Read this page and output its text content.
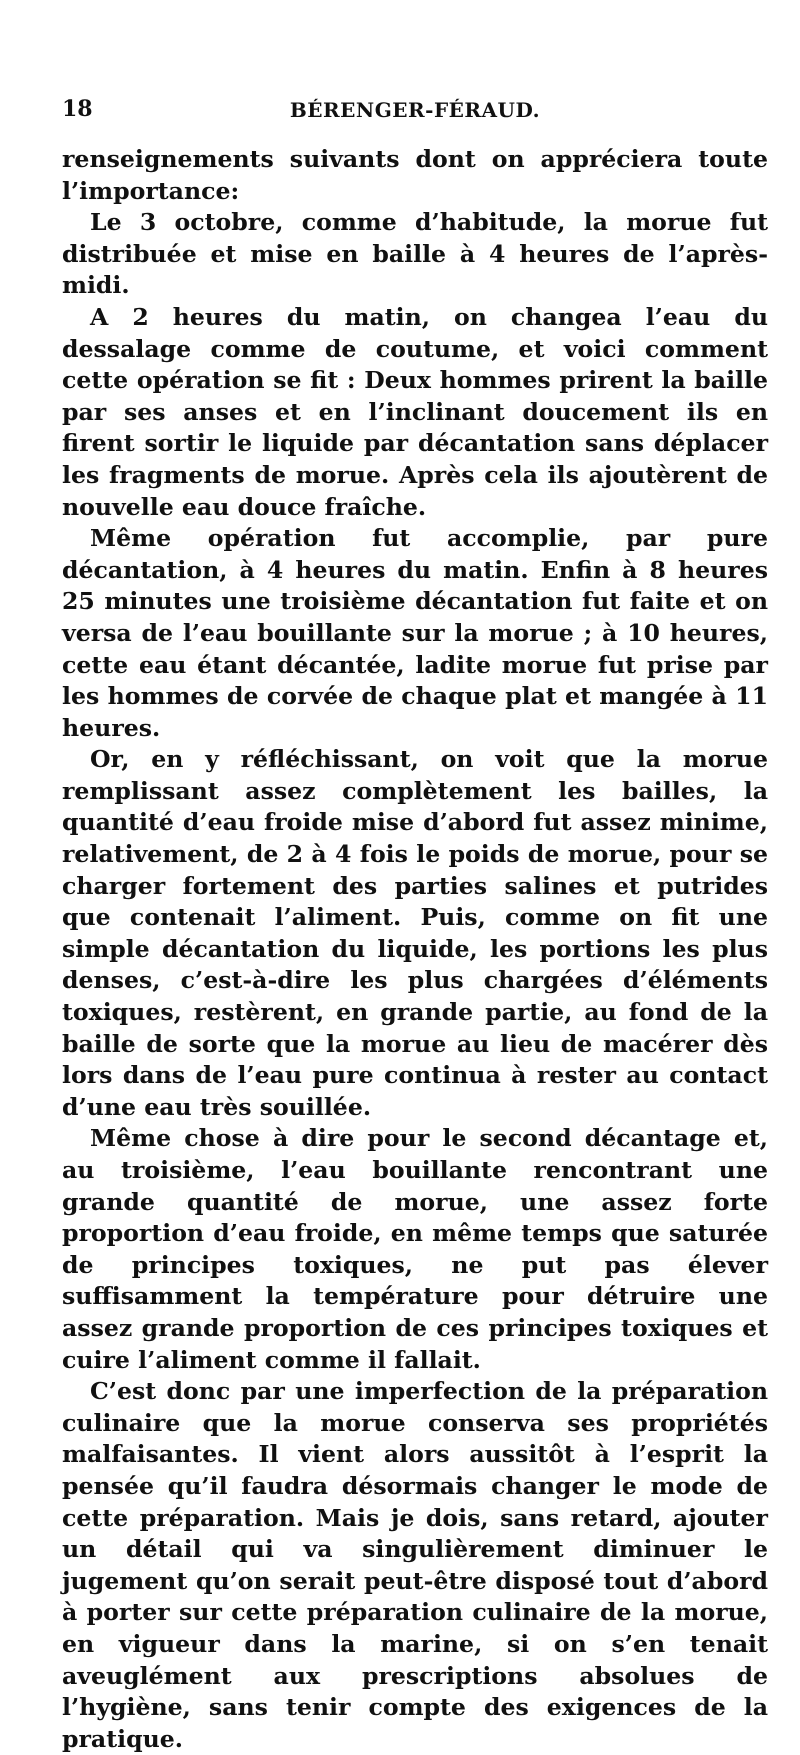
18	BÉRENGER-FÉRAUD.

renseignements suivants dont on appréciera toute l’importance:

Le 3 octobre, comme d’habitude, la morue fut distribuée et mise en baille à 4 heures de l’après-midi.

A 2 heures du matin, on changea l’eau du dessalage comme de coutume, et voici comment cette opération se fit : Deux hommes prirent la baille par ses anses et en l’inclinant doucement ils en firent sortir le liquide par décantation sans déplacer les fragments de morue. Après cela ils ajoutèrent de nouvelle eau douce fraîche.

Même opération fut accomplie, par pure décantation, à 4 heures du matin. Enfin à 8 heures 25 minutes une troisième décantation fut faite et on versa de l’eau bouillante sur la morue ; à 10 heures, cette eau étant décantée, ladite morue fut prise par les hommes de corvée de chaque plat et mangée à 11 heures.

Or, en y réfléchissant, on voit que la morue remplissant assez complètement les bailles, la quantité d’eau froide mise d’abord fut assez minime, relativement, de 2 à 4 fois le poids de morue, pour se charger fortement des parties salines et putrides que contenait l’aliment. Puis, comme on fit une simple décantation du liquide, les portions les plus denses, c’est-à-dire les plus chargées d’éléments toxiques, restèrent, en grande partie, au fond de la baille de sorte que la morue au lieu de macérer dès lors dans de l’eau pure continua à rester au contact d’une eau très souillée.

Même chose à dire pour le second décantage et, au troisième, l’eau bouillante rencontrant une grande quantité de morue, une assez forte proportion d’eau froide, en même temps que saturée de principes toxiques, ne put pas élever suffisamment la température pour détruire une assez grande proportion de ces principes toxiques et cuire l’aliment comme il fallait.

C’est donc par une imperfection de la préparation culinaire que la morue conserva ses propriétés malfaisantes. Il vient alors aussitôt à l’esprit la pensée qu’il faudra désormais changer le mode de cette préparation. Mais je dois, sans retard, ajouter un détail qui va singulièrement diminuer le jugement qu’on serait peut-être disposé tout d’abord à porter sur cette préparation culinaire de la morue, en vigueur dans la marine, si on s’en tenait aveuglément aux prescriptions absolues de l’hygiène, sans tenir compte des exigences de la pratique.
